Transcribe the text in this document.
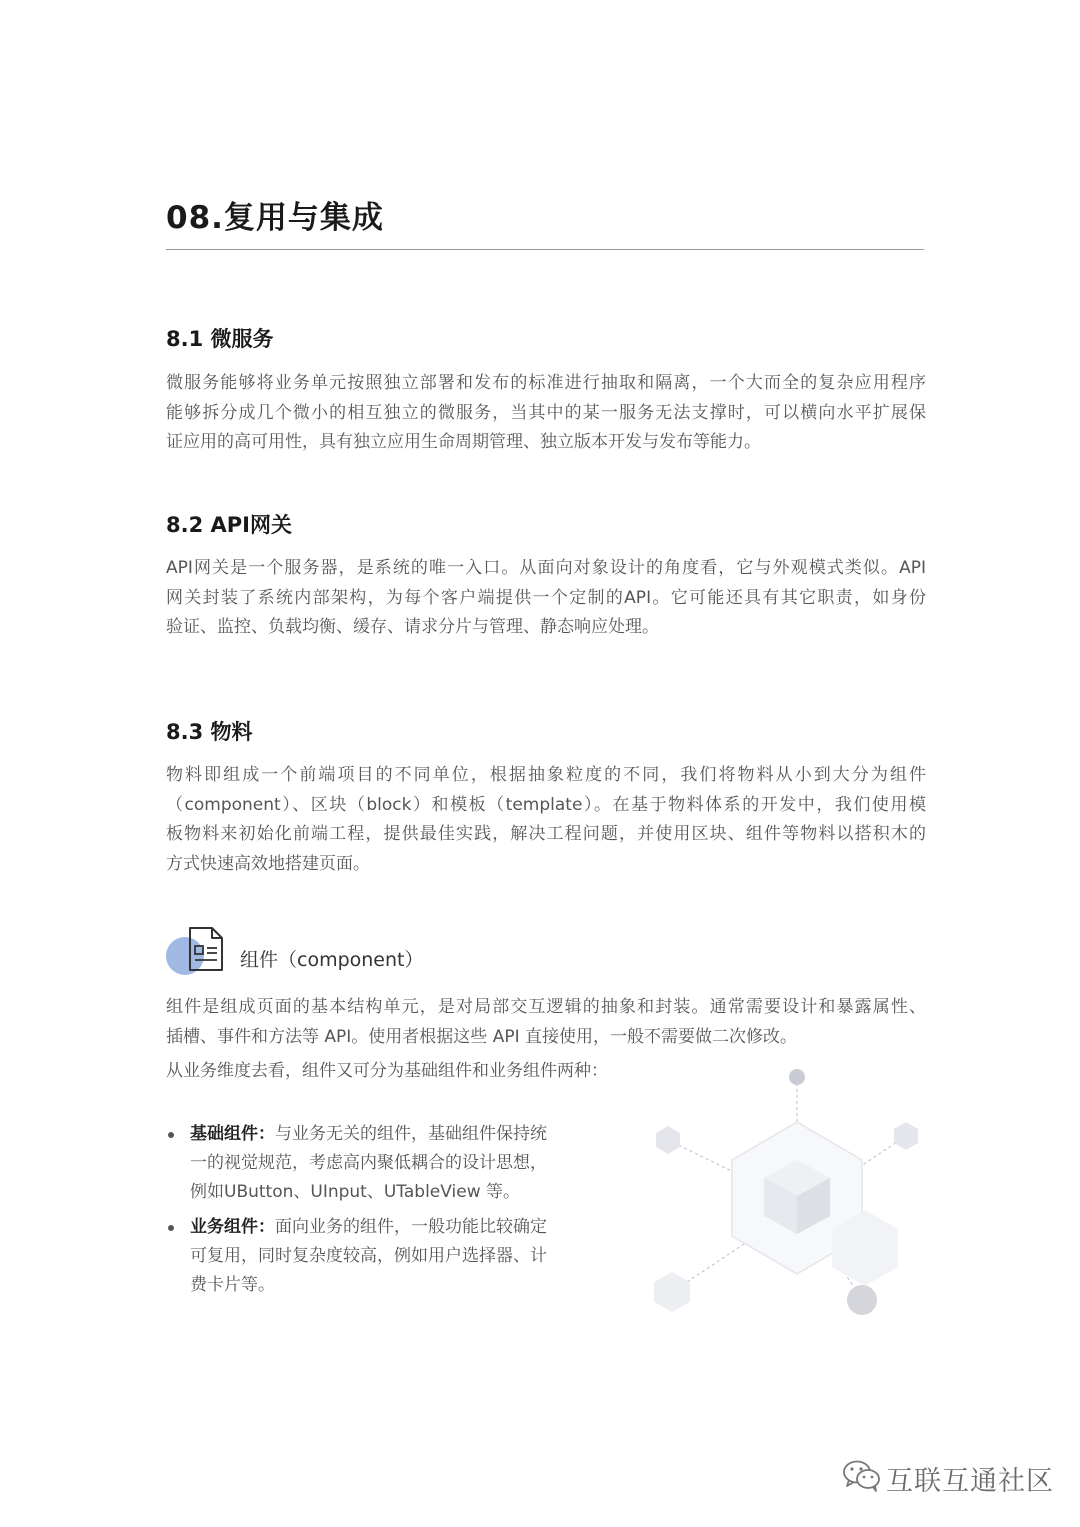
08.复用与集成
8.1 微服务
微服务能够将业务单元按照独立部署和发布的标准进行抽取和隔离，一个大而全的复杂应用程序
能够拆分成几个微小的相互独立的微服务，当其中的某一服务无法支撑时，可以横向水平扩展保
证应用的高可用性，具有独立应用生命周期管理、独立版本开发与发布等能力。
8.2 API网关
API网关是一个服务器，是系统的唯一入口。从面向对象设计的角度看，它与外观模式类似。API
网关封装了系统内部架构，为每个客户端提供一个定制的API。它可能还具有其它职责，如身份
验证、监控、负载均衡、缓存、请求分片与管理、静态响应处理。
8.3 物料
物料即组成一个前端项目的不同单位，根据抽象粒度的不同，我们将物料从小到大分为组件
（component）、区块（block）和模板（template）。在基于物料体系的开发中，我们使用模
板物料来初始化前端工程，提供最佳实践，解决工程问题，并使用区块、组件等物料以搭积木的
方式快速高效地搭建页面。
组件（component）
组件是组成页面的基本结构单元，是对局部交互逻辑的抽象和封装。通常需要设计和暴露属性、
插槽、事件和方法等 API。使用者根据这些 API 直接使用，一般不需要做二次修改。
从业务维度去看，组件又可分为基础组件和业务组件两种：
基础组件：与业务无关的组件，基础组件保持统
一的视觉规范，考虑高内聚低耦合的设计思想，
例如UButton、UInput、UTableView 等。
业务组件：面向业务的组件，一般功能比较确定
可复用，同时复杂度较高，例如用户选择器、计
费卡片等。
互联互通社区
